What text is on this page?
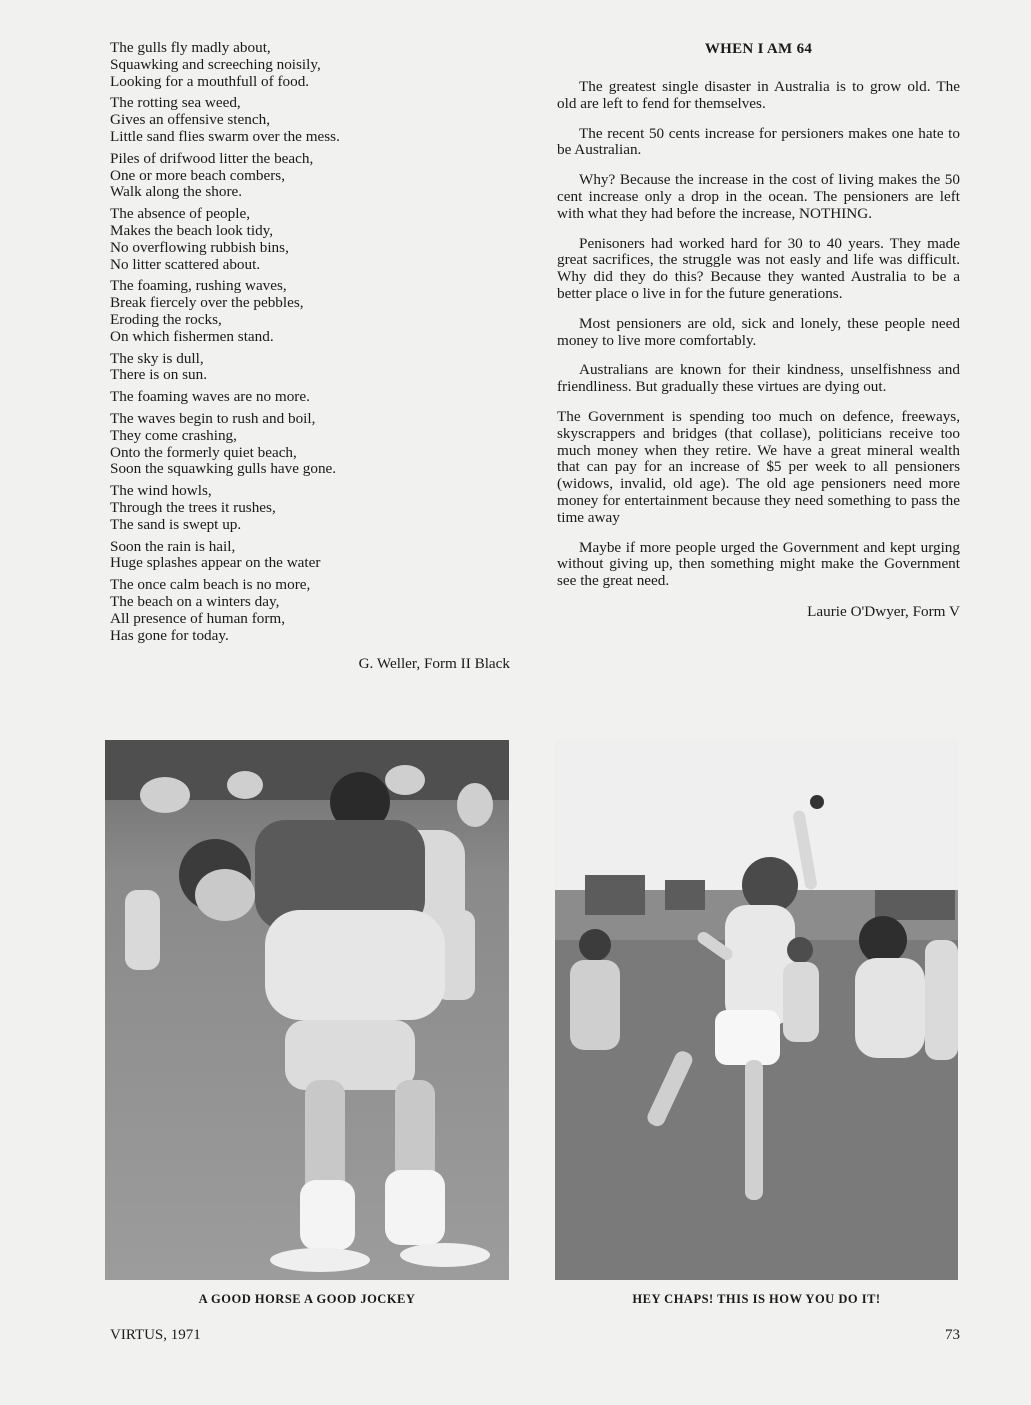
The gulls fly madly about,
Squawking and screeching noisily,
Looking for a mouthfull of food.
The rotting sea weed,
Gives an offensive stench,
Little sand flies swarm over the mess.
Piles of drifwood litter the beach,
One or more beach combers,
Walk along the shore.
The absence of people,
Makes the beach look tidy,
No overflowing rubbish bins,
No litter scattered about.
The foaming, rushing waves,
Break fiercely over the pebbles,
Eroding the rocks,
On which fishermen stand.
The sky is dull,
There is on sun.
The foaming waves are no more.
The waves begin to rush and boil,
They come crashing,
Onto the formerly quiet beach,
Soon the squawking gulls have gone.
The wind howls,
Through the trees it rushes,
The sand is swept up.
Soon the rain is hail,
Huge splashes appear on the water
The once calm beach is no more,
The beach on a winters day,
All presence of human form,
Has gone for today.
G. Weller, Form II Black
WHEN I AM 64

The greatest single disaster in Australia is to grow old. The old are left to fend for themselves.

The recent 50 cents increase for persioners makes one hate to be Australian.

Why? Because the increase in the cost of living makes the 50 cent increase only a drop in the ocean. The pensioners are left with what they had before the increase, NOTHING.

Penisoners had worked hard for 30 to 40 years. They made great sacrifices, the struggle was not easly and life was difficult. Why did they do this? Because they wanted Australia to be a better place o live in for the future generations.

Most pensioners are old, sick and lonely, these people need money to live more comfortably.

Australians are known for their kindness, unselfishness and friendliness. But gradually these virtues are dying out.

The Government is spending too much on defence, freeways, skyscrappers and bridges (that collase), politicians receive too much money when they retire. We have a great mineral wealth that can pay for an increase of $5 per week to all pensioners (widows, invalid, old age). The old age pensioners need more money for entertainment because they need something to pass the time away

Maybe if more people urged the Government and kept urging without giving up, then something might make the Government see the great need.

Laurie O'Dwyer, Form V
A GOOD HORSE A GOOD JOCKEY	HEY CHAPS! THIS IS HOW YOU DO IT!
VIRTUS, 1971	73
